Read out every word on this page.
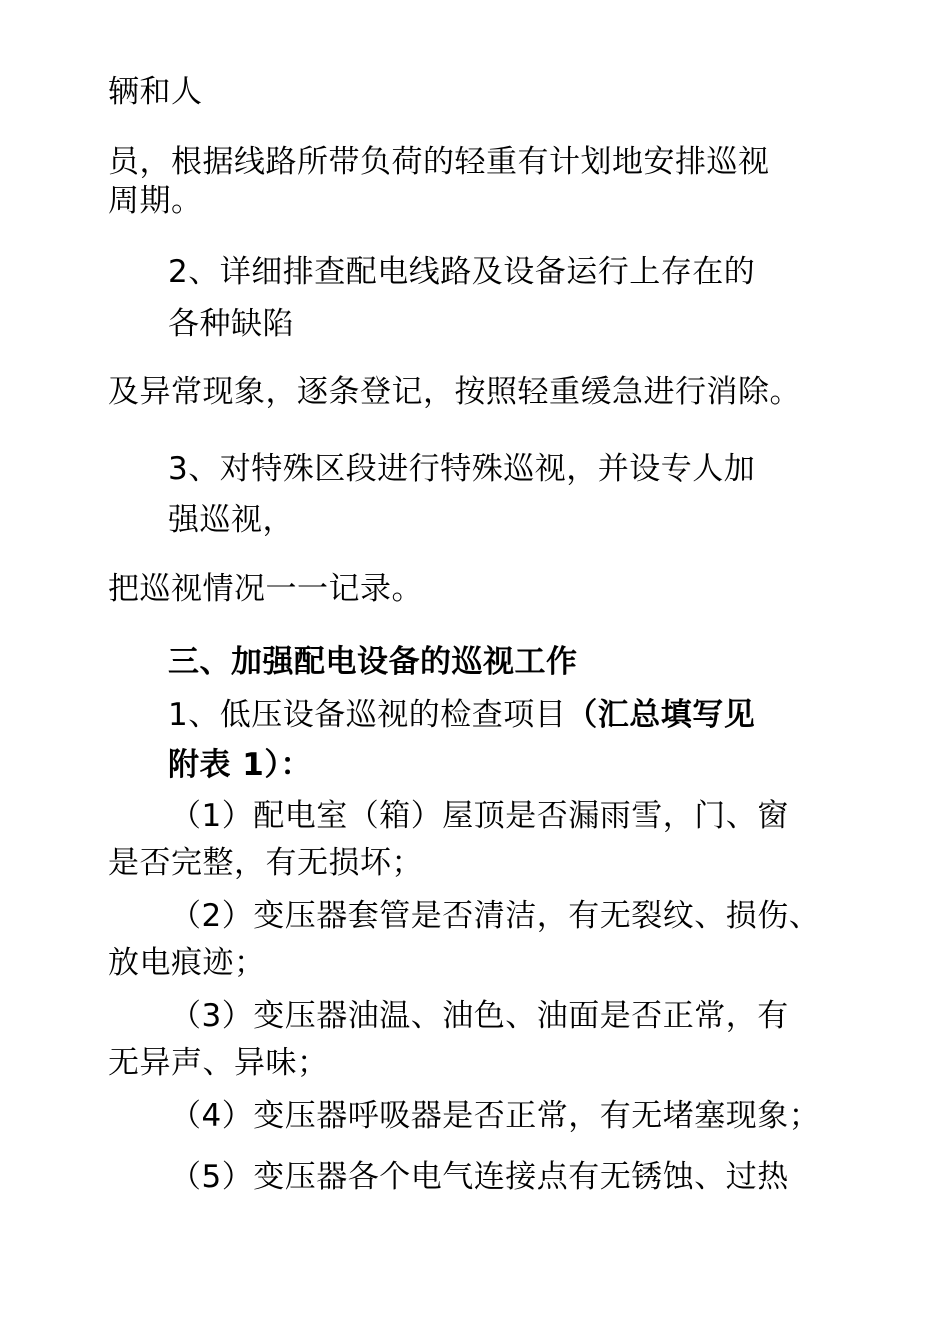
辆和人
员，根据线路所带负荷的轻重有计划地安排巡视
周期。
2、详细排查配电线路及设备运行上存在的
各种缺陷
及异常现象，逐条登记，按照轻重缓急进行消除。
3、对特殊区段进行特殊巡视，并设专人加
强巡视，
把巡视情况一一记录。
三、加强配电设备的巡视工作
1、低压设备巡视的检查项目（汇总填写见
附表 1）：
（1）配电室（箱）屋顶是否漏雨雪，门、窗
是否完整，有无损坏；
（2）变压器套管是否清洁，有无裂纹、损伤、
放电痕迹；
（3）变压器油温、油色、油面是否正常，有
无异声、异味；
（4）变压器呼吸器是否正常，有无堵塞现象；
（5）变压器各个电气连接点有无锈蚀、过热
